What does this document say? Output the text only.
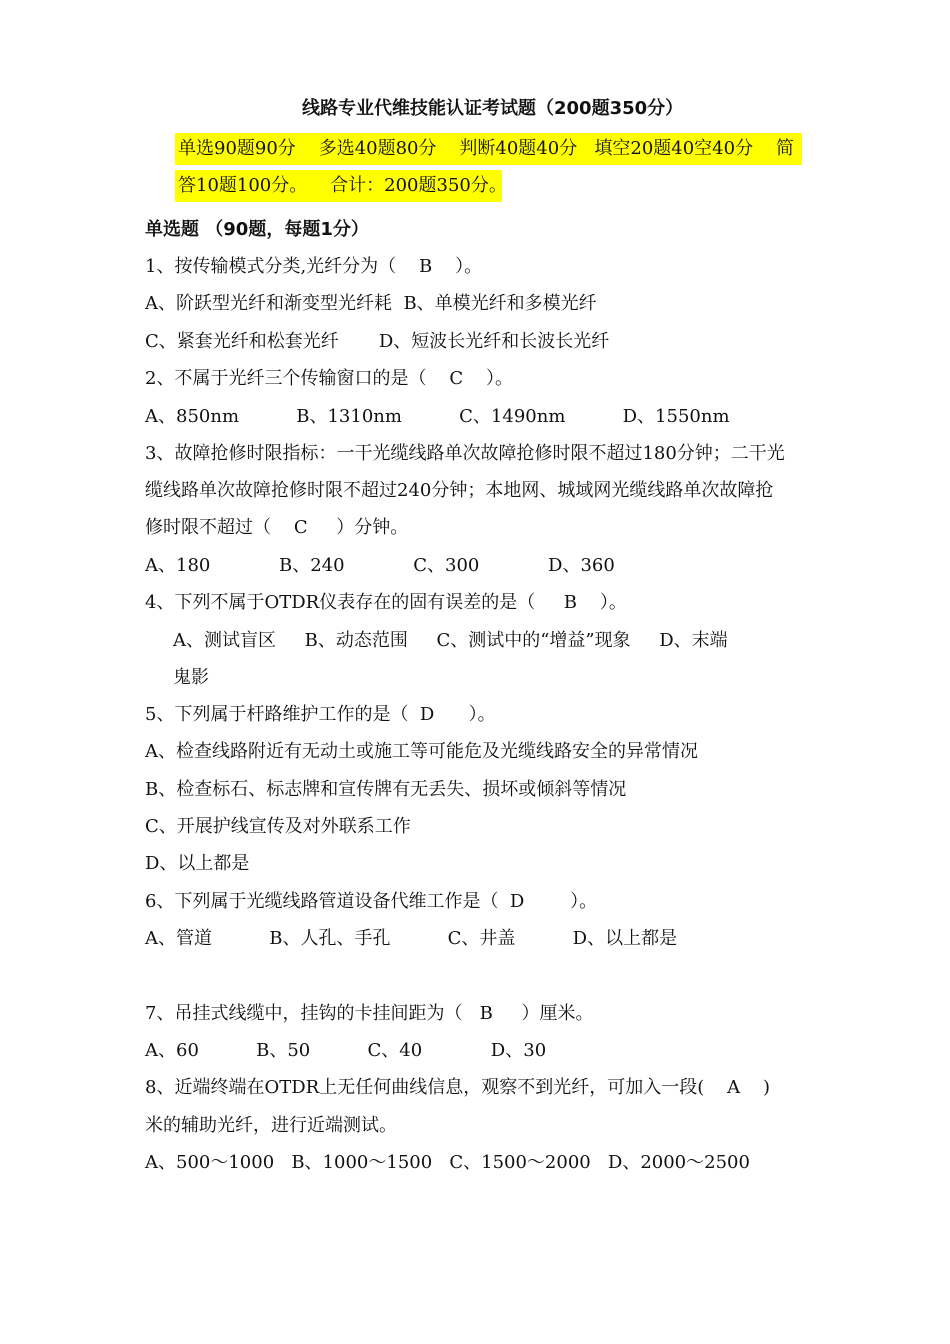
线路专业代维技能认证考试题（200题350分）
单选90题90分    多选40题80分    判断40题40分   填空20题40空40分    简
答10题100分。    合计：200题350分。
单选题 （90题，每题1分）
1、按传输模式分类,光纤分为（    B    ）。
A、阶跃型光纤和渐变型光纤耗  B、单模光纤和多模光纤
C、紧套光纤和松套光纤       D、短波长光纤和长波长光纤
2、不属于光纤三个传输窗口的是（    C    ）。
A、850nm          B、1310nm          C、1490nm          D、1550nm
3、故障抢修时限指标：一干光缆线路单次故障抢修时限不超过180分钟；二干光
缆线路单次故障抢修时限不超过240分钟；本地网、城域网光缆线路单次故障抢
修时限不超过（    C     ）分钟。
A、180            B、240            C、300            D、360
4、下列不属于OTDR仪表存在的固有误差的是（     B    ）。
A、测试盲区     B、动态范围     C、测试中的“增益”现象     D、末端
鬼影
5、下列属于杆路维护工作的是（  D      ）。
A、检查线路附近有无动土或施工等可能危及光缆线路安全的异常情况
B、检查标石、标志牌和宣传牌有无丢失、损坏或倾斜等情况
C、开展护线宣传及对外联系工作
D、以上都是
6、下列属于光缆线路管道设备代维工作是（  D        ）。
A、管道          B、人孔、手孔          C、井盖          D、以上都是
7、吊挂式线缆中，挂钩的卡挂间距为（   B     ）厘米。
A、60          B、50          C、40            D、30
8、近端终端在OTDR上无任何曲线信息，观察不到光纤，可加入一段(    A    )
米的辅助光纤，进行近端测试。
A、500～1000   B、1000～1500   C、1500～2000   D、2000～2500
